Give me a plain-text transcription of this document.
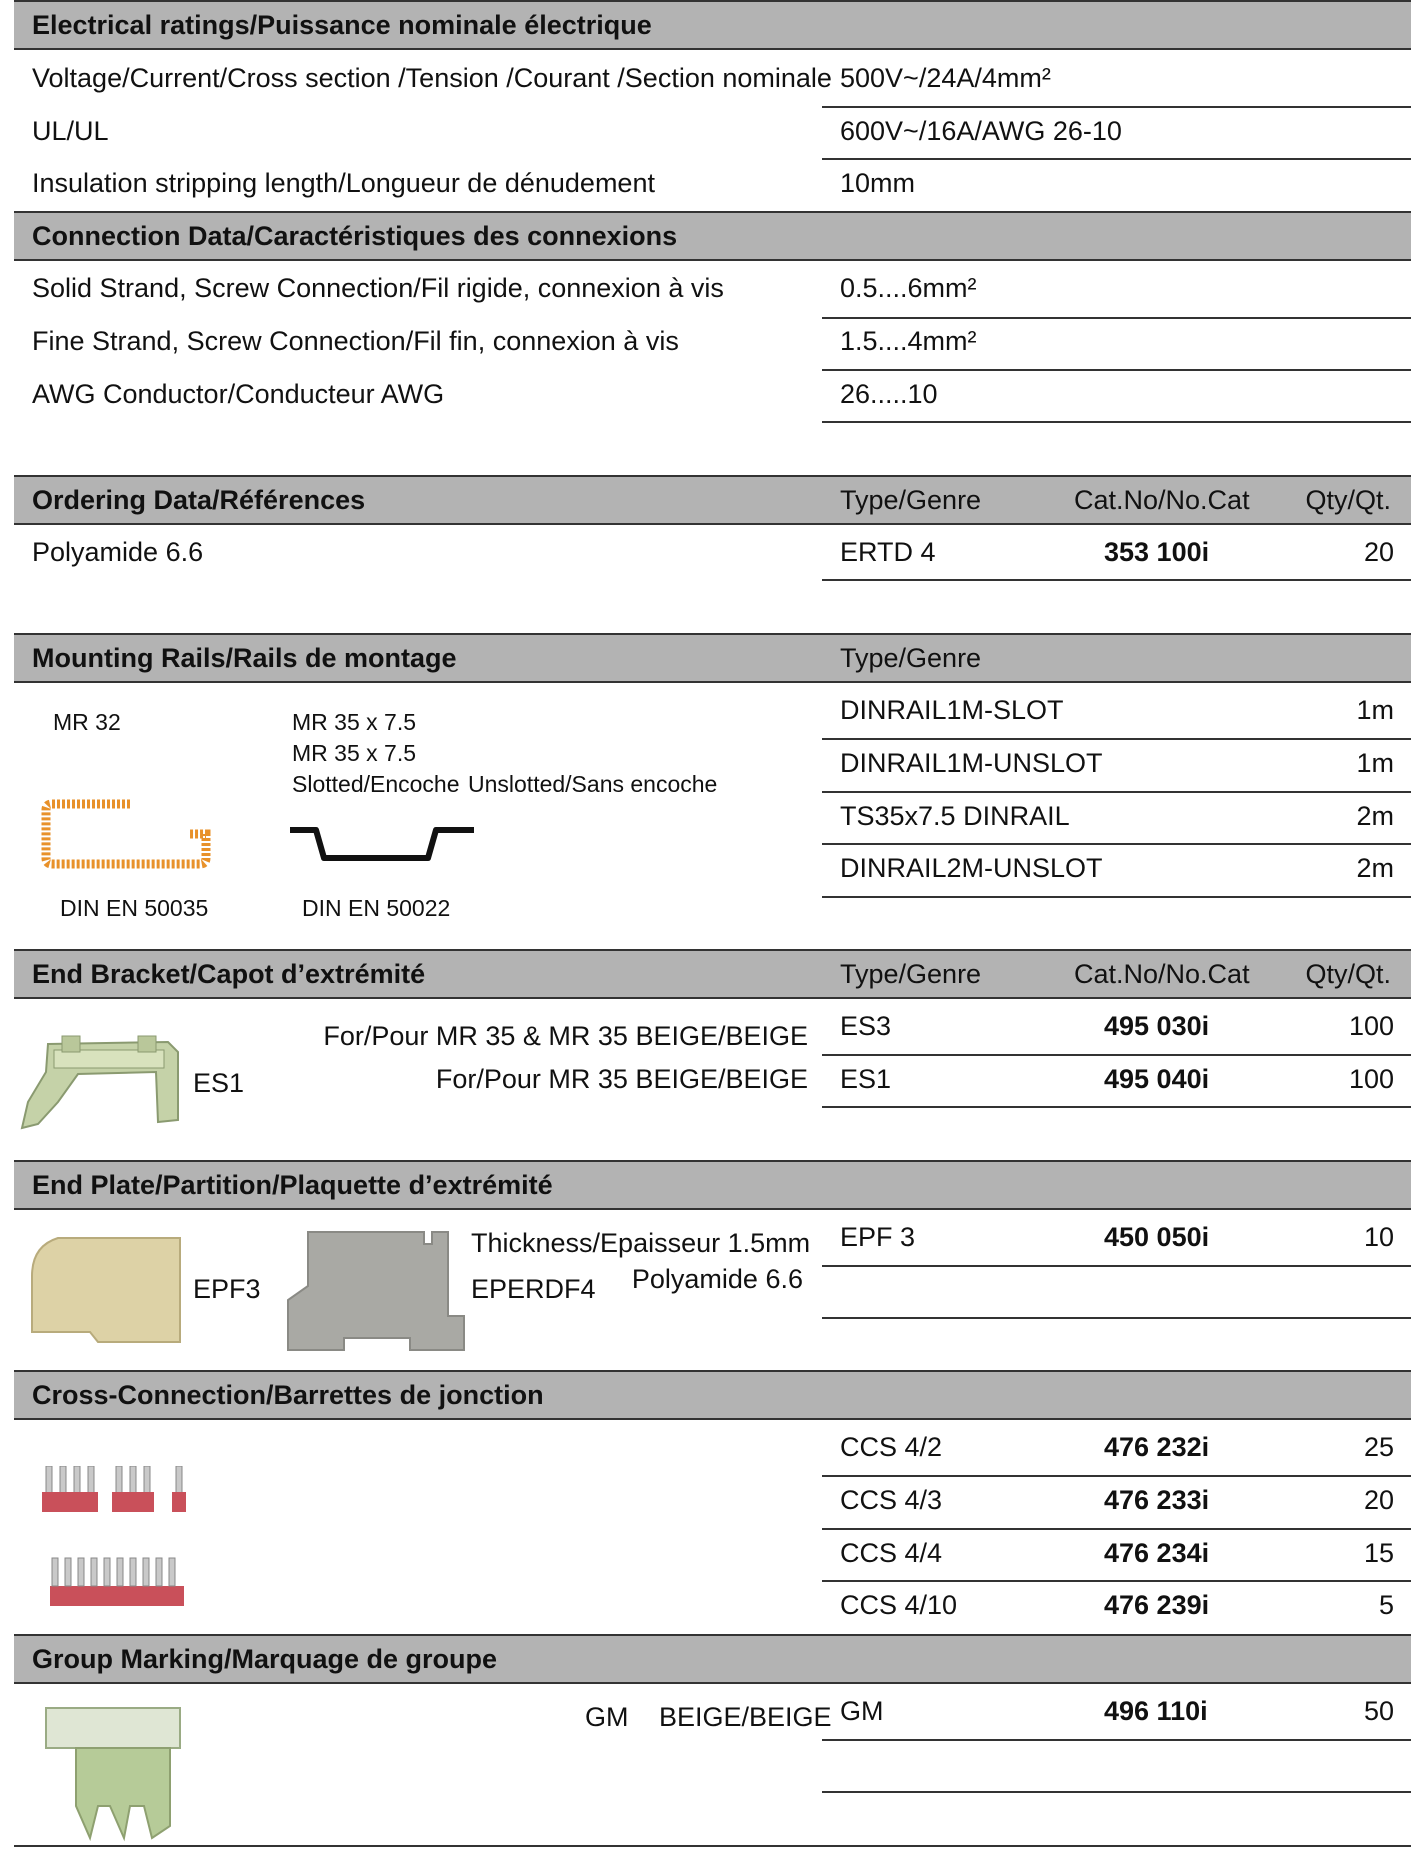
Electrical ratings/Puissance nominale électrique
Voltage/Current/Cross section /Tension /Courant /Section nominale 500V~/24A/4mm²
UL/UL	600V~/16A/AWG 26-10
Insulation stripping length/Longueur de dénudement	10mm
Connection Data/Caractéristiques des connexions
Solid Strand, Screw Connection/Fil rigide, connexion à vis	0.5....6mm²
Fine Strand, Screw Connection/Fil fin, connexion à vis	1.5....4mm²
AWG Conductor/Conducteur AWG	26.....10
Ordering Data/Références	Type/Genre	Cat.No/No.Cat Qty/Qt.
Polyamide 6.6	ERTD 4	353 100i	20
Mounting Rails/Rails de montage	Type/Genre
MR 32	MR 35 x 7.5
MR 35 x 7.5
Slotted/Encoche Unslotted/Sans encoche
DIN EN 50035	DIN EN 50022
DINRAIL1M-SLOT	1m
DINRAIL1M-UNSLOT	1m
TS35x7.5 DINRAIL	2m
DINRAIL2M-UNSLOT	2m
End Bracket/Capot d’extrémité	Type/Genre	Cat.No/No.Cat Qty/Qt.
ES1
For/Pour MR 35 & MR 35 BEIGE/BEIGE
For/Pour MR 35 BEIGE/BEIGE
ES3	495 030i	100
ES1	495 040i	100
End Plate/Partition/Plaquette d’extrémité
EPF3	EPERDF4
Thickness/Epaisseur 1.5mm
Polyamide 6.6
EPF 3	450 050i	10
Cross-Connection/Barrettes de jonction
CCS 4/2	476 232i	25
CCS 4/3	476 233i	20
CCS 4/4	476 234i	15
CCS 4/10	476 239i	5
Group Marking/Marquage de groupe
GM BEIGE/BEIGE GM	496 110i	50
